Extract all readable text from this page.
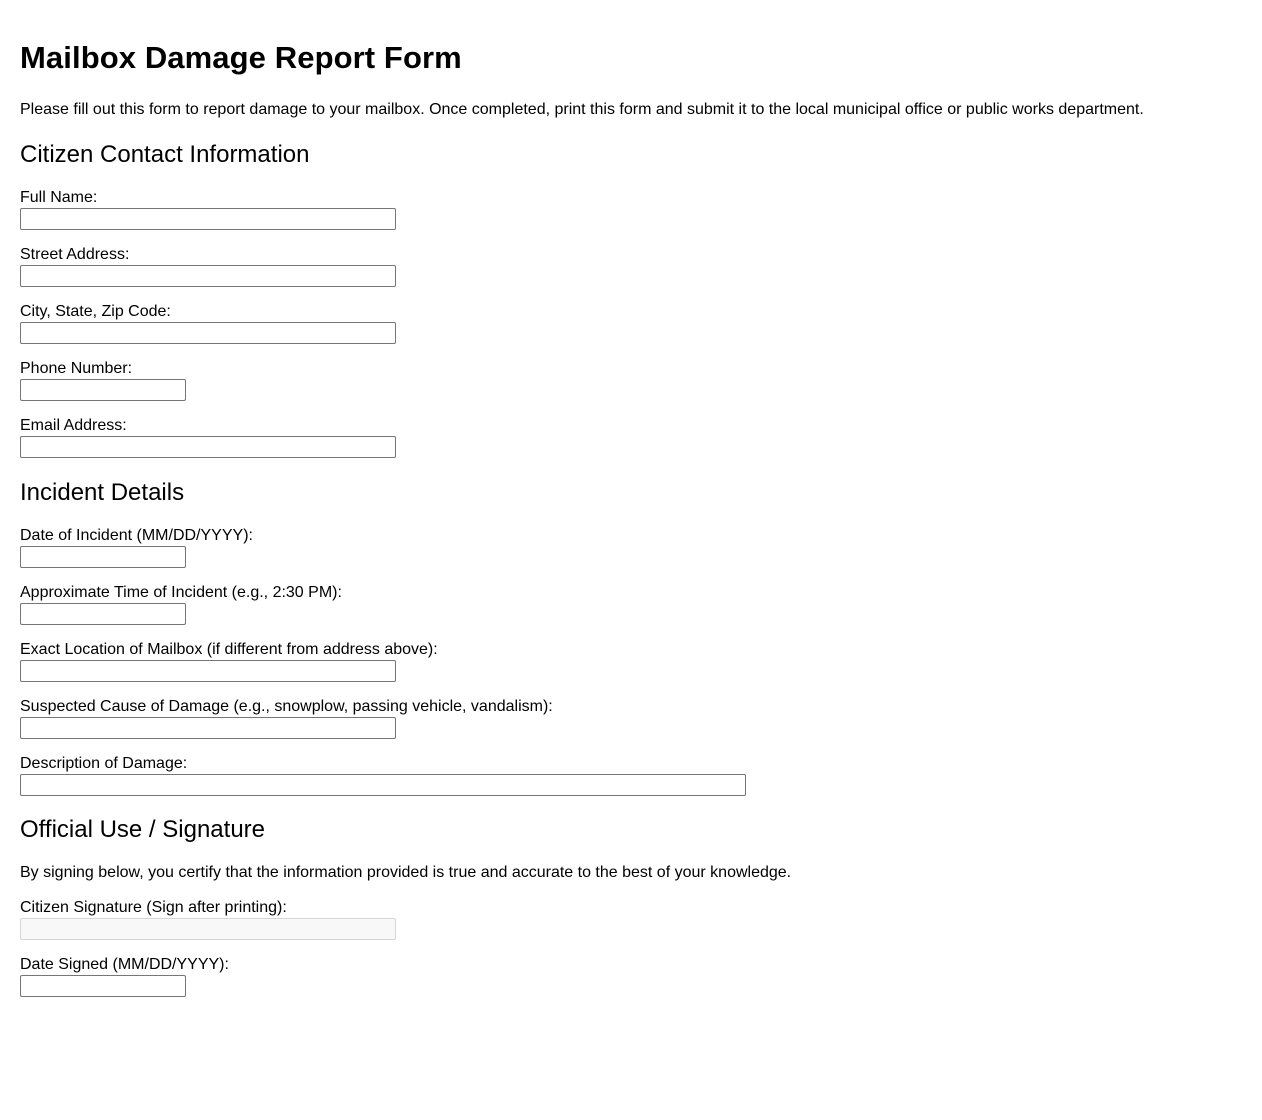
Mailbox Damage Report Form

Please fill out this form to report damage to your mailbox. Once completed, print this form and submit it to the local municipal office or public works department.

Citizen Contact Information
Full Name:
Street Address:
City, State, Zip Code:
Phone Number:
Email Address:
Incident Details
Date of Incident (MM/DD/YYYY):
Approximate Time of Incident (e.g., 2:30 PM):
Exact Location of Mailbox (if different from address above):
Suspected Cause of Damage (e.g., snowplow, passing vehicle, vandalism):
Description of Damage:
Official Use / Signature

By signing below, you certify that the information provided is true and accurate to the best of your knowledge.

Citizen Signature (Sign after printing):
Date Signed (MM/DD/YYYY):
